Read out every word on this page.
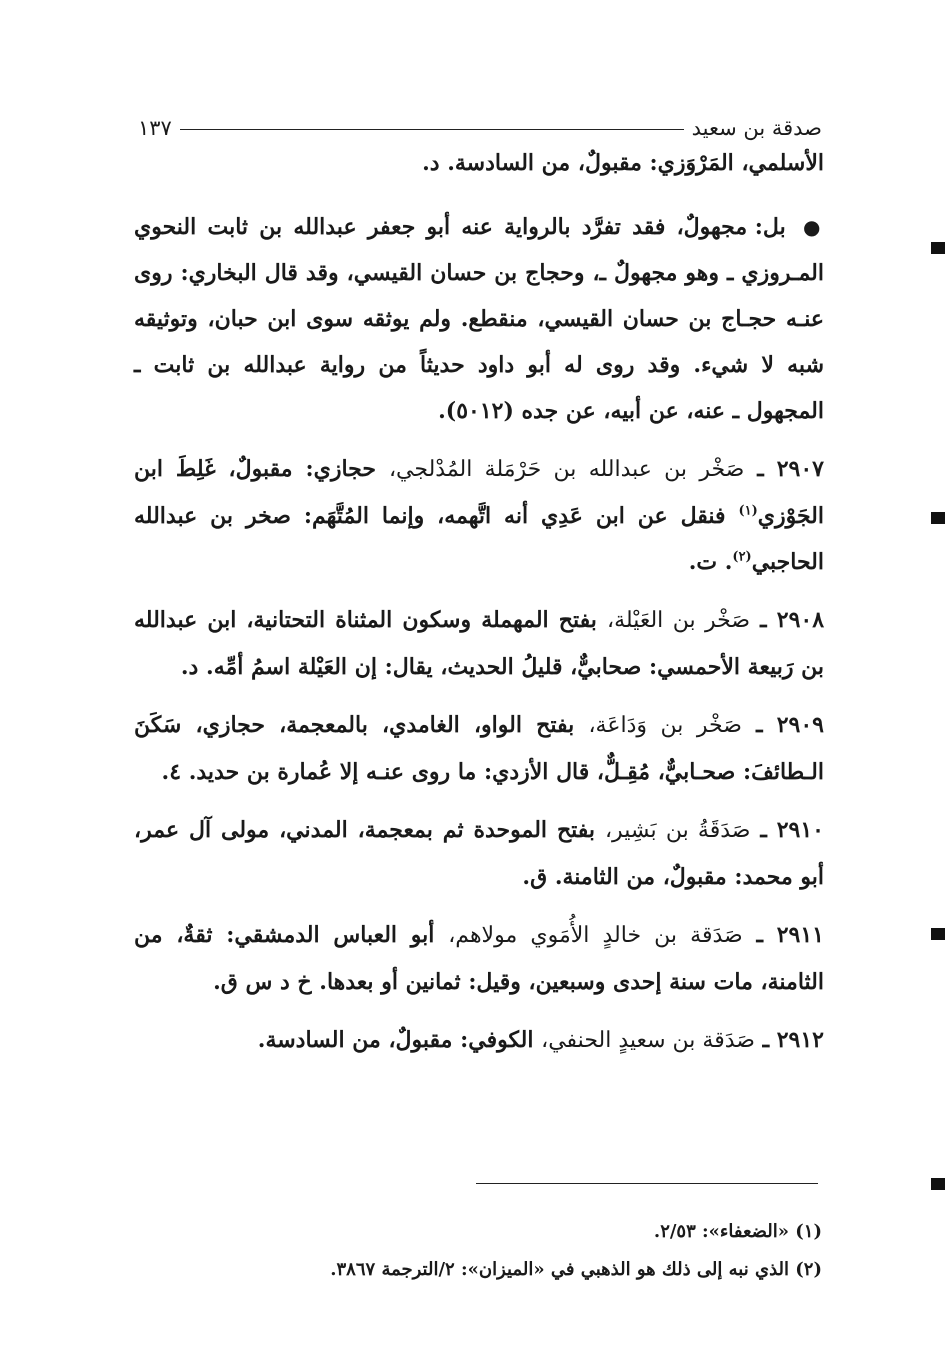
صدقة بن سعيد
١٣٧

الأسلمي، المَرْوَزي: مقبولٌ، من السادسة. د.

● بل: مجهولٌ، فقد تفرَّد بالرواية عنه أبو جعفر عبدالله بن ثابت النحوي المـروزي ـ وهو مجهولٌ ـ، وحجاج بن حسان القيسي، وقد قال البخاري: روى عنـه حجـاج بن حسان القيسي، منقطع. ولم يوثقه سوى ابن حبان، وتوثيقه شبه لا شيء. وقد روى له أبو داود حديثاً من رواية عبدالله بن ثابت ـ المجهول ـ عنه، عن أبيه، عن جده (٥٠١٢).

٢٩٠٧ ـ صَخْر بن عبدالله بن حَرْمَلة المُدْلجي، حجازي: مقبولٌ، غَلِطَ ابن الجَوْزي$^{(١)}$ فنقل عن ابن عَدِي أنه اتَّهمه، وإنما المُتَّهَم: صخر بن عبدالله الحاجبي$^{(٢)}$. ت.

٢٩٠٨ ـ صَخْر بن العَيْلة، بفتح المهملة وسكون المثناة التحتانية، ابن عبدالله بن رَبيعة الأحمسي: صحابيٌّ، قليلُ الحديث، يقال: إن العَيْلة اسمُ أمِّه. د.

٢٩٠٩ ـ صَخْر بن وَدَاعَة، بفتح الواو، الغامدي، بالمعجمة، حجازي، سَكَنَ الـطائفَ: صحـابيٌّ، مُقِـلٌّ، قال الأزدي: ما روى عنـه إلا عُمارة بن حديد. ٤.

٢٩١٠ ـ صَدَقَةُ بن بَشِير، بفتح الموحدة ثم بمعجمة، المدني، مولى آل عمر، أبو محمد: مقبولٌ، من الثامنة. ق.

٢٩١١ ـ صَدَقة بن خالدٍ الأُمَوي مولاهم، أبو العباس الدمشقي: ثقةٌ، من الثامنة، مات سنة إحدى وسبعين، وقيل: ثمانين أو بعدها. خ د س ق.

٢٩١٢ ـ صَدَقة بن سعيدٍ الحنفي، الكوفي: مقبولٌ، من السادسة.

(١) «الضعفاء»: ٢/٥٣.
(٢) الذي نبه إلى ذلك هو الذهبي في «الميزان»: ٢/الترجمة ٣٨٦٧.
